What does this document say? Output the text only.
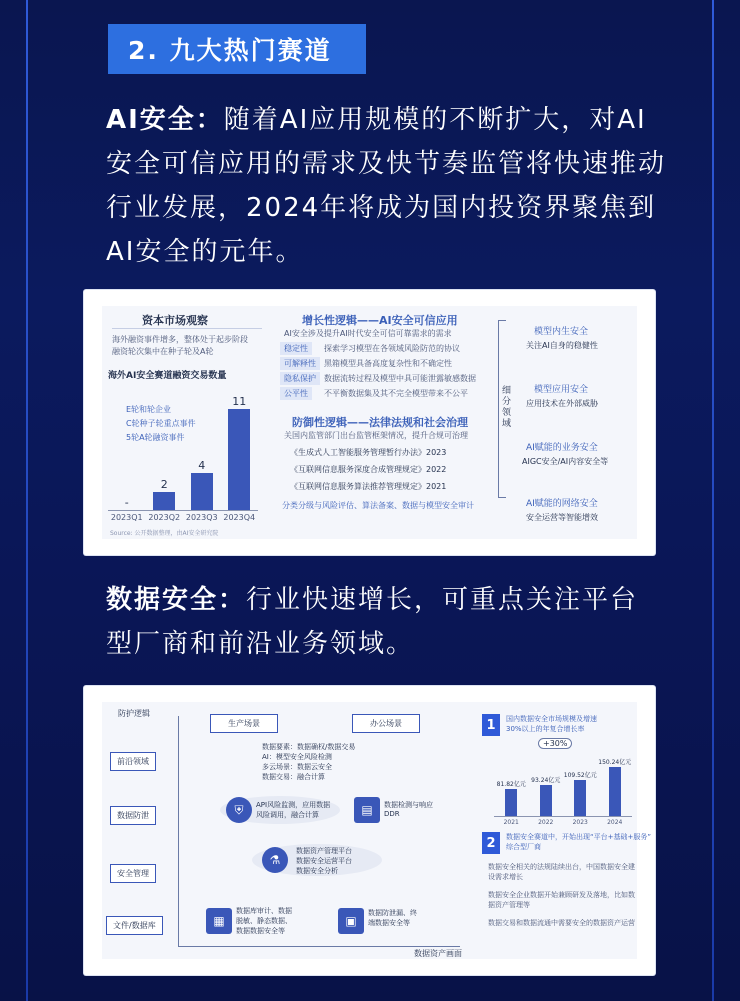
2. 九大热门赛道
AI安全：随着AI应用规模的不断扩大，对AI安全可信应用的需求及快节奏监管将快速推动行业发展，2024年将成为国内投资界聚焦到AI安全的元年。
资本市场观察
海外融资事件增多，整体处于起步阶段
融资轮次集中在种子轮及A轮
海外AI安全赛道融资交易数量
E轮和轮企业
C轮种子轮重点事件
5轮A轮融资事件
-
2023Q1
2
2023Q2
4
2023Q3
11
2023Q4
Source: 公开数据整理，由AI安全研究院
增长性逻辑——AI安全可信应用
AI安全涉及提升AI时代安全可信可靠需求的需求
稳定性	探索学习模型在各领域风险防范的协议
可解释性	黑箱模型具备高度复杂性和不确定性
隐私保护	数据流转过程及模型中具可能泄露敏感数据
公平性	不平衡数据集及其不完全模型带来不公平
防御性逻辑——法律法规和社会治理
关国内监管部门出台监管框架情况，提升合规可治理
《生成式人工智能服务管理暂行办法》2023
《互联网信息服务深度合成管理规定》2022
《互联网信息服务算法推荐管理规定》2021
分类分级与风险评估、算法备案、数据与模型安全审计
细分领域
模型内生安全
关注AI自身的稳健性
模型应用安全
应用技术在外部威胁
AI赋能的业务安全
AIGC安全/AI内容安全等
AI赋能的网络安全
安全运营等智能增效
数据安全：行业快速增长，可重点关注平台型厂商和前沿业务领域。
防护逻辑
数据资产画面
前沿领域
数据防泄
安全管理
文件/数据库
生产场景	办公场景
数据要素：数据确权/数据交易
AI：模型安全风险检测
多云场景：数据云安全
数据交易：融合计算
⛨	API风险监测，应用数据
风险调用，融合计算	▤	数据检测与响应
DDR
⚗
数据资产管理平台
数据安全运营平台
数据安全分析
▦
数据库审计、数据
脱敏、静态数据、
数据数据安全等
▣
数据防泄漏、终
端数据安全等
1	国内数据安全市场规模及增速
30%以上的年复合增长率
81.82亿元
2021
93.24亿元
2022
109.52亿元
2023
150.24亿元
2024
+30%
2	数据安全赛道中，开始出现“平台+基础+服务”
综合型厂商
数据安全相关的法规陆续出台，中国数据安全建设需求增长
数据安全企业数据开始兼顾研发及落地，比如数据资产管理等
数据交易和数据流通中需要安全的数据资产运营
